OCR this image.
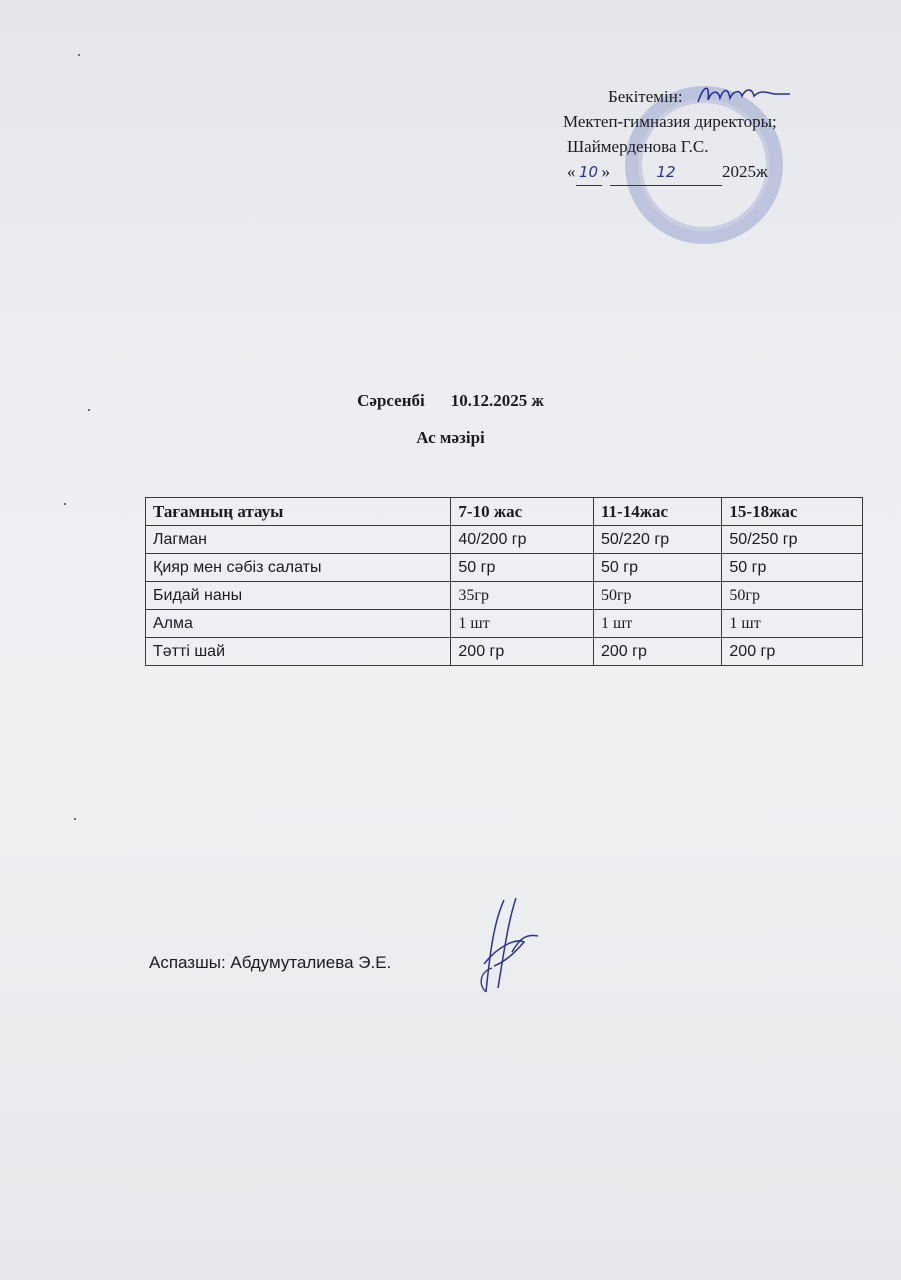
Бекітемін:
Мектеп-гимназия директоры;
Шаймерденова Г.С.
« 10 »	12	2025ж
Сәрсенбі 10.12.2025 ж
Ас мәзірі
Тағамның атауы	7-10 жас	11-14жас	15-18жас
Лагман	40/200 гр	50/220 гр	50/250 гр
Қияр мен сәбіз салаты	50 гр	50 гр	50 гр
Бидай наны	35гр	50гр	50гр
Алма	1 шт	1 шт	1 шт
Тәтті шай	200 гр	200 гр	200 гр
Аспазшы: Абдумуталиева Э.Е.
